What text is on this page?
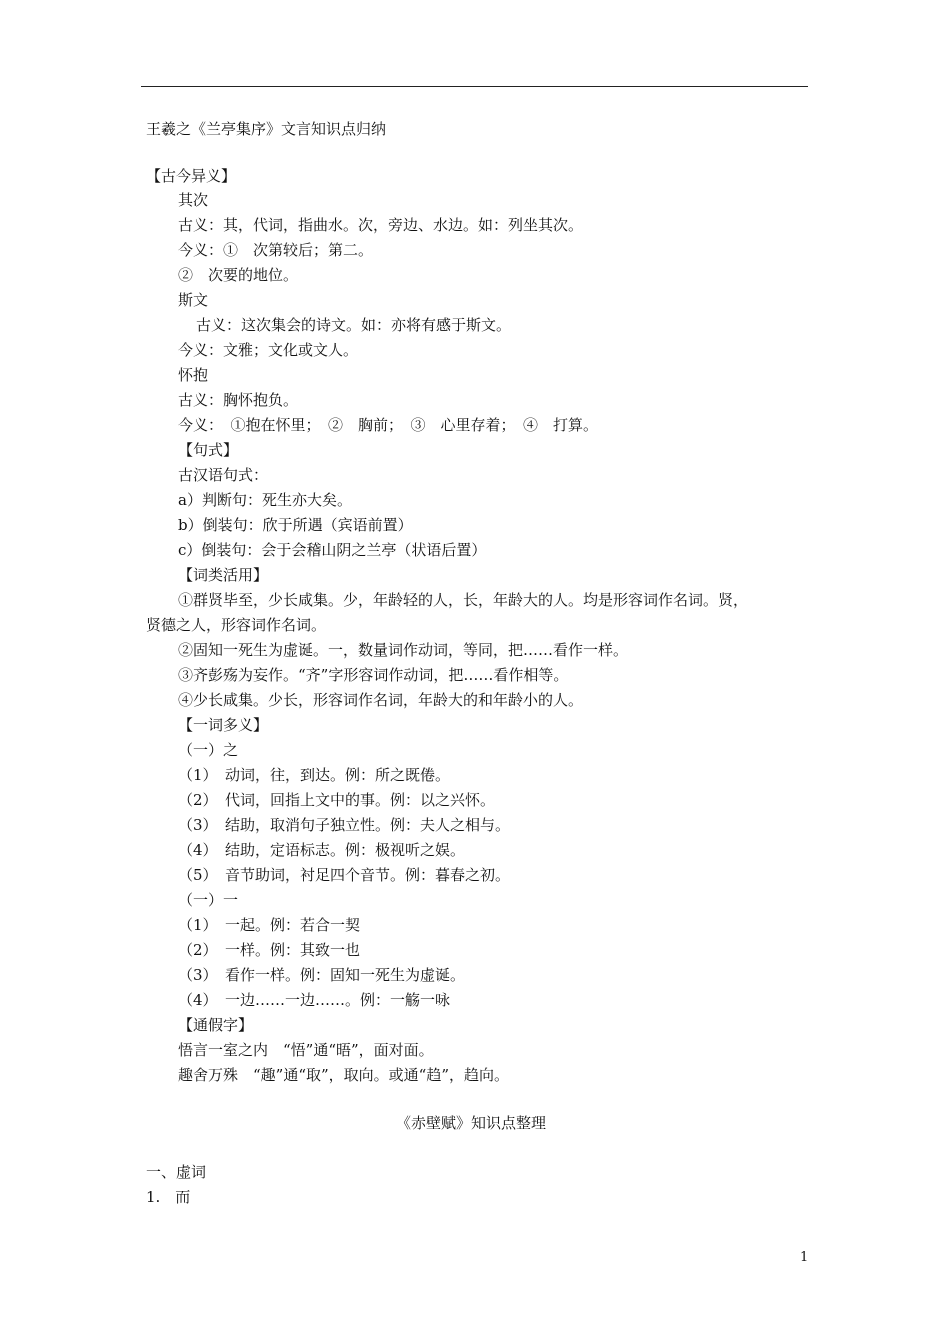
王羲之《兰亭集序》文言知识点归纳
【古今异义】
其次
古义：其，代词，指曲水。次，旁边、水边。如：列坐其次。
今义：①　次第较后；第二。
②　次要的地位。
斯文
古义：这次集会的诗文。如：亦将有感于斯文。
今义：文雅；文化或文人。
怀抱
古义：胸怀抱负。
今义：　①抱在怀里；　②　胸前；　③　心里存着；　④　打算。
【句式】
古汉语句式：
a）判断句：死生亦大矣。
b）倒装句：欣于所遇（宾语前置）
c）倒装句：会于会稽山阴之兰亭（状语后置）
【词类活用】
①群贤毕至，少长咸集。少，年龄轻的人，长，年龄大的人。均是形容词作名词。贤，
贤德之人，形容词作名词。
②固知一死生为虚诞。一，数量词作动词，等同，把……看作一样。
③齐彭殇为妄作。“齐”字形容词作动词，把……看作相等。
④少长咸集。少长，形容词作名词，年龄大的和年龄小的人。
【一词多义】
（一）之
（1）　动词，往，到达。例：所之既倦。
（2）　代词，回指上文中的事。例：以之兴怀。
（3）　结助，取消句子独立性。例：夫人之相与。
（4）　结助，定语标志。例：极视听之娱。
（5）　音节助词，衬足四个音节。例：暮春之初。
（一）一
（1）　一起。例：若合一契
（2）　一样。例：其致一也
（3）　看作一样。例：固知一死生为虚诞。
（4）　一边……一边……。例：一觞一咏
【通假字】
悟言一室之内　“悟”通“晤”，面对面。
趣舍万殊　“趣”通“取”，取向。或通“趋”，趋向。
《赤壁赋》知识点整理
一、虚词
1.　而
1
